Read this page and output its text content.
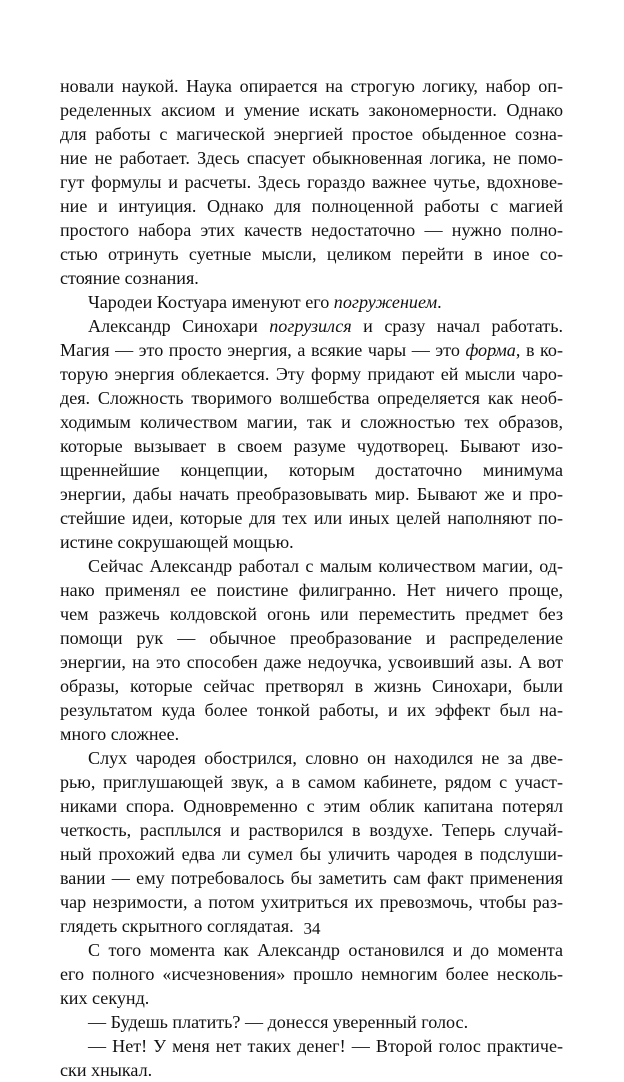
новали наукой. Наука опирается на строгую логику, набор оп-
ределенных аксиом и умение искать закономерности. Однако
для работы с магической энергией простое обыденное созна-
ние не работает. Здесь спасует обыкновенная логика, не помо-
гут формулы и расчеты. Здесь гораздо важнее чутье, вдохнове-
ние и интуиция. Однако для полноценной работы с магией
простого набора этих качеств недостаточно — нужно полно-
стью отринуть суетные мысли, целиком перейти в иное со-
стояние сознания.
Чародеи Костуара именуют его погружением.
Александр Синохари погрузился и сразу начал работать.
Магия — это просто энергия, а всякие чары — это форма, в ко-
торую энергия облекается. Эту форму придают ей мысли чаро-
дея. Сложность творимого волшебства определяется как необ-
ходимым количеством магии, так и сложностью тех образов,
которые вызывает в своем разуме чудотворец. Бывают изо-
щреннейшие концепции, которым достаточно минимума
энергии, дабы начать преобразовывать мир. Бывают же и про-
стейшие идеи, которые для тех или иных целей наполняют по-
истине сокрушающей мощью.
Сейчас Александр работал с малым количеством магии, од-
нако применял ее поистине филигранно. Нет ничего проще,
чем разжечь колдовской огонь или переместить предмет без
помощи рук — обычное преобразование и распределение
энергии, на это способен даже недоучка, усвоивший азы. А вот
образы, которые сейчас претворял в жизнь Синохари, были
результатом куда более тонкой работы, и их эффект был на-
много сложнее.
Слух чародея обострился, словно он находился не за две-
рью, приглушающей звук, а в самом кабинете, рядом с участ-
никами спора. Одновременно с этим облик капитана потерял
четкость, расплылся и растворился в воздухе. Теперь случай-
ный прохожий едва ли сумел бы уличить чародея в подслуши-
вании — ему потребовалось бы заметить сам факт применения
чар незримости, а потом ухитриться их превозмочь, чтобы раз-
глядеть скрытного соглядатая.
С того момента как Александр остановился и до момента
его полного «исчезновения» прошло немногим более несколь-
ких секунд.
— Будешь платить? — донесся уверенный голос.
— Нет! У меня нет таких денег! — Второй голос практиче-
ски хныкал.
34
